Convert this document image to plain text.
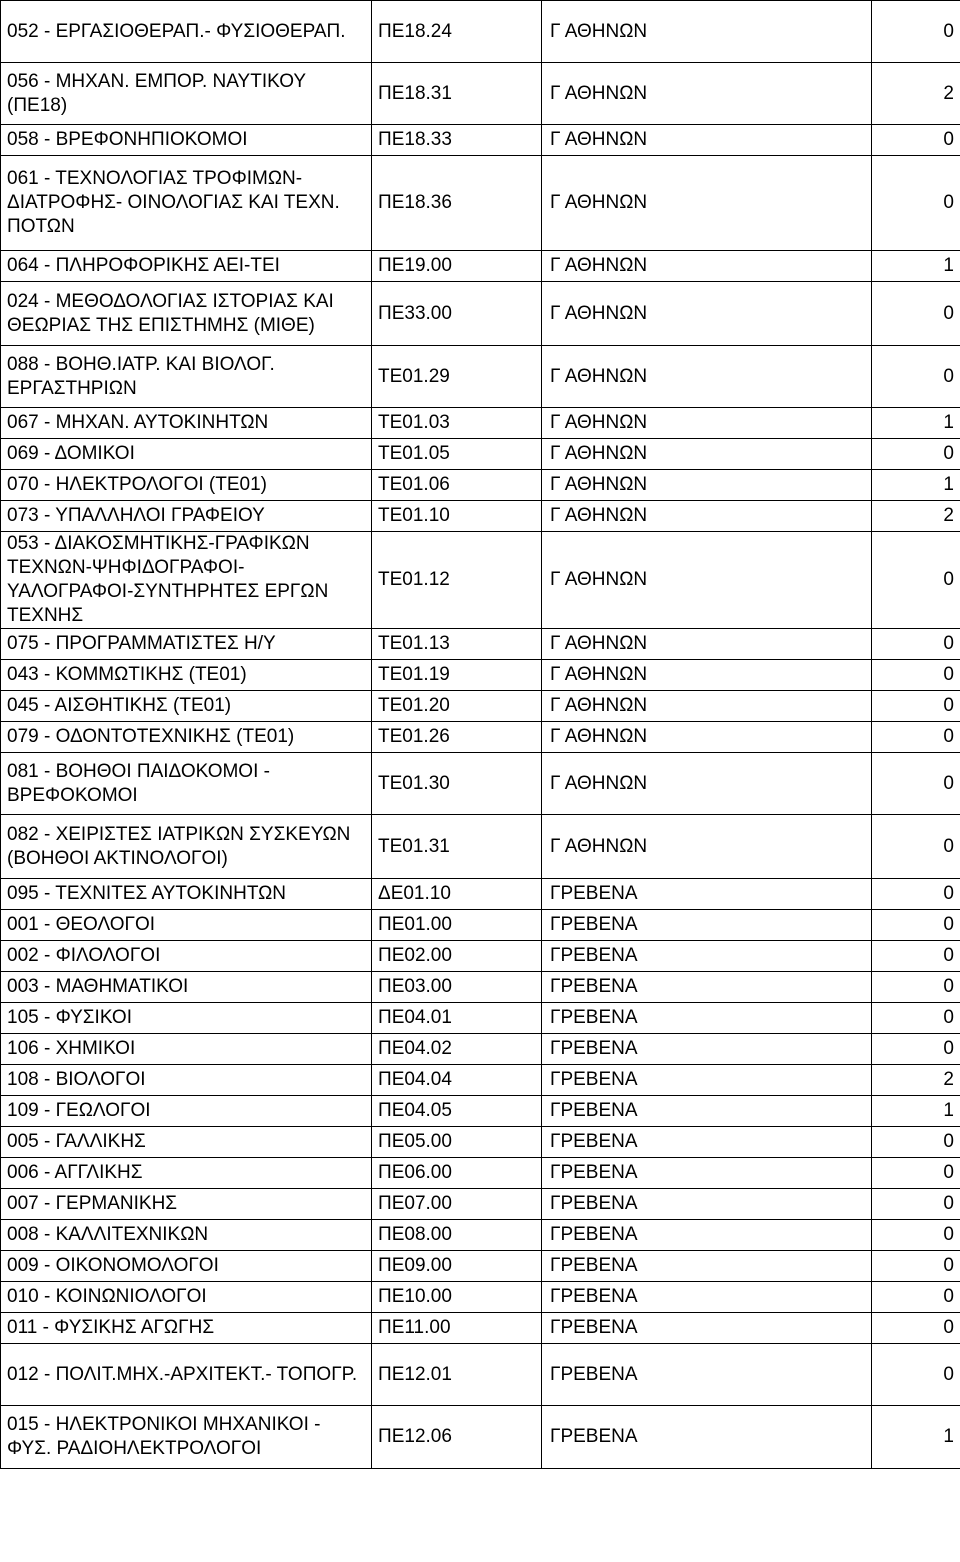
052 - ΕΡΓΑΣΙΟΘΕΡΑΠ.- ΦΥΣΙΟΘΕΡΑΠ.	ΠΕ18.24	Γ ΑΘΗΝΩΝ	0
056 - ΜΗΧΑΝ. ΕΜΠΟΡ. ΝΑΥΤΙΚΟΥ (ΠΕ18)	ΠΕ18.31	Γ ΑΘΗΝΩΝ	2
058 - ΒΡΕΦΟΝΗΠΙΟΚΟΜΟΙ	ΠΕ18.33	Γ ΑΘΗΝΩΝ	0
061 - ΤΕΧΝΟΛΟΓΙΑΣ ΤΡΟΦΙΜΩΝ- ΔΙΑΤΡΟΦΗΣ- ΟΙΝΟΛΟΓΙΑΣ ΚΑΙ ΤΕΧΝ. ΠΟΤΩΝ	ΠΕ18.36	Γ ΑΘΗΝΩΝ	0
064 - ΠΛΗΡΟΦΟΡΙΚΗΣ ΑΕΙ-ΤΕΙ	ΠΕ19.00	Γ ΑΘΗΝΩΝ	1
024 - ΜΕΘΟΔΟΛΟΓΙΑΣ ΙΣΤΟΡΙΑΣ ΚΑΙ ΘΕΩΡΙΑΣ ΤΗΣ ΕΠΙΣΤΗΜΗΣ (ΜΙΘΕ)	ΠΕ33.00	Γ ΑΘΗΝΩΝ	0
088 - ΒΟΗΘ.ΙΑΤΡ. ΚΑΙ ΒΙΟΛΟΓ. ΕΡΓΑΣΤΗΡΙΩΝ	ΤΕ01.29	Γ ΑΘΗΝΩΝ	0
067 - ΜΗΧΑΝ. ΑΥΤΟΚΙΝΗΤΩΝ	ΤΕ01.03	Γ ΑΘΗΝΩΝ	1
069 - ΔΟΜΙΚΟΙ	ΤΕ01.05	Γ ΑΘΗΝΩΝ	0
070 - ΗΛΕΚΤΡΟΛΟΓΟΙ (ΤΕ01)	ΤΕ01.06	Γ ΑΘΗΝΩΝ	1
073 - ΥΠΑΛΛΗΛΟΙ ΓΡΑΦΕΙΟΥ	ΤΕ01.10	Γ ΑΘΗΝΩΝ	2
053 - ΔΙΑΚΟΣΜΗΤΙΚΗΣ-ΓΡΑΦΙΚΩΝ ΤΕΧΝΩΝ-ΨΗΦΙΔΟΓΡΑΦΟΙ-ΥΑΛΟΓΡΑΦΟΙ-ΣΥΝΤΗΡΗΤΕΣ ΕΡΓΩΝ ΤΕΧΝΗΣ	ΤΕ01.12	Γ ΑΘΗΝΩΝ	0
075 - ΠΡΟΓΡΑΜΜΑΤΙΣΤΕΣ Η/Υ	ΤΕ01.13	Γ ΑΘΗΝΩΝ	0
043 - ΚΟΜΜΩΤΙΚΗΣ (ΤΕ01)	ΤΕ01.19	Γ ΑΘΗΝΩΝ	0
045 - ΑΙΣΘΗΤΙΚΗΣ (ΤΕ01)	ΤΕ01.20	Γ ΑΘΗΝΩΝ	0
079 - ΟΔΟΝΤΟΤΕΧΝΙΚΗΣ (ΤΕ01)	ΤΕ01.26	Γ ΑΘΗΝΩΝ	0
081 - ΒΟΗΘΟΙ ΠΑΙΔΟΚΟΜΟΙ - ΒΡΕΦΟΚΟΜΟΙ	ΤΕ01.30	Γ ΑΘΗΝΩΝ	0
082 - ΧΕΙΡΙΣΤΕΣ ΙΑΤΡΙΚΩΝ ΣΥΣΚΕΥΩΝ (ΒΟΗΘΟΙ ΑΚΤΙΝΟΛΟΓΟΙ)	ΤΕ01.31	Γ ΑΘΗΝΩΝ	0
095 - ΤΕΧΝΙΤΕΣ ΑΥΤΟΚΙΝΗΤΩΝ	ΔΕ01.10	ΓΡΕΒΕΝΑ	0
001 - ΘΕΟΛΟΓΟΙ	ΠΕ01.00	ΓΡΕΒΕΝΑ	0
002 - ΦΙΛΟΛΟΓΟΙ	ΠΕ02.00	ΓΡΕΒΕΝΑ	0
003 - ΜΑΘΗΜΑΤΙΚΟΙ	ΠΕ03.00	ΓΡΕΒΕΝΑ	0
105 - ΦΥΣΙΚΟΙ	ΠΕ04.01	ΓΡΕΒΕΝΑ	0
106 - ΧΗΜΙΚΟΙ	ΠΕ04.02	ΓΡΕΒΕΝΑ	0
108 - ΒΙΟΛΟΓΟΙ	ΠΕ04.04	ΓΡΕΒΕΝΑ	2
109 - ΓΕΩΛΟΓΟΙ	ΠΕ04.05	ΓΡΕΒΕΝΑ	1
005 - ΓΑΛΛΙΚΗΣ	ΠΕ05.00	ΓΡΕΒΕΝΑ	0
006 - ΑΓΓΛΙΚΗΣ	ΠΕ06.00	ΓΡΕΒΕΝΑ	0
007 - ΓΕΡΜΑΝΙΚΗΣ	ΠΕ07.00	ΓΡΕΒΕΝΑ	0
008 - ΚΑΛΛΙΤΕΧΝΙΚΩΝ	ΠΕ08.00	ΓΡΕΒΕΝΑ	0
009 - ΟΙΚΟΝΟΜΟΛΟΓΟΙ	ΠΕ09.00	ΓΡΕΒΕΝΑ	0
010 - ΚΟΙΝΩΝΙΟΛΟΓΟΙ	ΠΕ10.00	ΓΡΕΒΕΝΑ	0
011 - ΦΥΣΙΚΗΣ ΑΓΩΓΗΣ	ΠΕ11.00	ΓΡΕΒΕΝΑ	0
012 - ΠΟΛΙΤ.ΜΗΧ.-ΑΡΧΙΤΕΚΤ.- ΤΟΠΟΓΡ.	ΠΕ12.01	ΓΡΕΒΕΝΑ	0
015 - ΗΛΕΚΤΡΟΝΙΚΟΙ ΜΗΧΑΝΙΚΟΙ - ΦΥΣ. ΡΑΔΙΟΗΛΕΚΤΡΟΛΟΓΟΙ	ΠΕ12.06	ΓΡΕΒΕΝΑ	1
